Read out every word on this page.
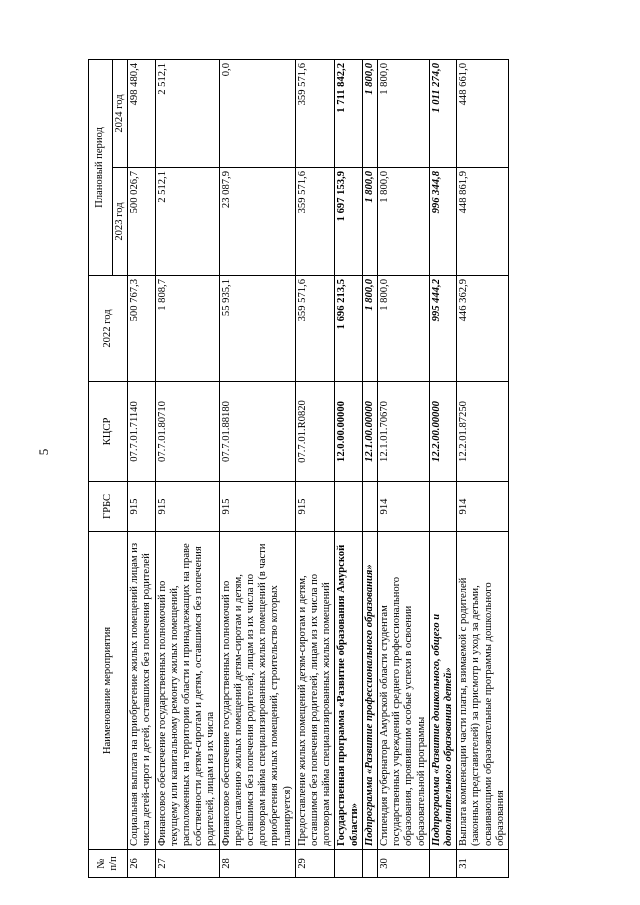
5
№ п/п	Наименование мероприятия	ГРБС	КЦСР	2022 год	Плановый период	
					2023 год	2024 год
26	Социальная выплата на приобретение жилых помещений лицам из числа детей-сирот и детей, оставшихся без попечения родителей	915	07.7.01.71140	500 767,3	500 026,7	498 480,4
27	Финансовое обеспечение государственных полномочий по текущему или капитальному ремонту жилых помещений, расположенных на территории области и принадлежащих на праве собственности детям-сиротам и детям, оставшимся без попечения родителей, лицам из их числа	915	07.7.01.80710	1 808,7	2 512,1	2 512,1
28	Финансовое обеспечение государственных полномочий по предоставлению жилых помещений детям-сиротам и детям, оставшимся без попечения родителей, лицам из их числа по договорам найма специализированных жилых помещений (в части приобретения жилых помещений, строительство которых планируется)	915	07.7.01.88180	55 935,1	23 087,9	0,0
29	Предоставление жилых помещений детям-сиротам и детям, оставшимся без попечения родителей, лицам из их числа по договорам найма специализированных жилых помещений	915	07.7.01.R0820	359 571,6	359 571,6	359 571,6
	Государственная программа «Развитие образования Амурской области»		12.0.00.00000	1 696 213,5	1 697 153,9	1 711 842,2
	Подпрограмма «Развитие профессионального образования»		12.1.00.00000	1 800,0	1 800,0	1 800,0
30	Стипендия губернатора Амурской области студентам государственных учреждений среднего профессионального образования, проявившим особые успехи в освоении образовательной программы	914	12.1.01.70670	1 800,0	1 800,0	1 800,0
	Подпрограмма «Развитие дошкольного, общего и дополнительного образования детей»		12.2.00.00000	995 444,2	996 344,8	1 011 274,0
31	Выплата компенсации части платы, взимаемой с родителей (законных представителей) за присмотр и уход за детьми, осваивающими образовательные программы дошкольного образования	914	12.2.01.87250	446 362,9	448 861,9	448 661,0
